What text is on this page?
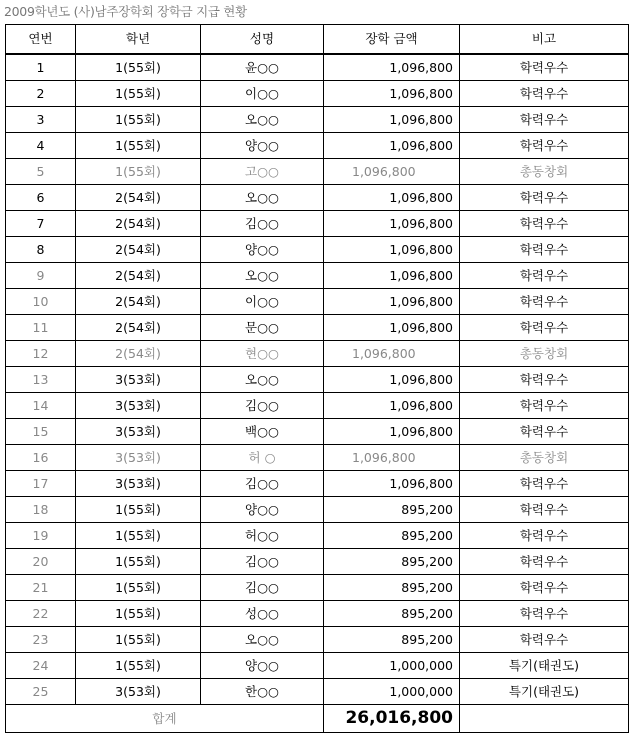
2009학년도 (사)남주장학회 장학금 지급 현황
연번	학년	성명	장학 금액	비고
1	1(55회)	윤○○	1,096,800	학력우수
2	1(55회)	이○○	1,096,800	학력우수
3	1(55회)	오○○	1,096,800	학력우수
4	1(55회)	양○○	1,096,800	학력우수
5	1(55회)	고○○	1,096,800	총동창회
6	2(54회)	오○○	1,096,800	학력우수
7	2(54회)	김○○	1,096,800	학력우수
8	2(54회)	양○○	1,096,800	학력우수
9	2(54회)	오○○	1,096,800	학력우수
10	2(54회)	이○○	1,096,800	학력우수
11	2(54회)	문○○	1,096,800	학력우수
12	2(54회)	현○○	1,096,800	총동창회
13	3(53회)	오○○	1,096,800	학력우수
14	3(53회)	김○○	1,096,800	학력우수
15	3(53회)	백○○	1,096,800	학력우수
16	3(53회)	허 ○	1,096,800	총동창회
17	3(53회)	김○○	1,096,800	학력우수
18	1(55회)	양○○	895,200	학력우수
19	1(55회)	허○○	895,200	학력우수
20	1(55회)	김○○	895,200	학력우수
21	1(55회)	김○○	895,200	학력우수
22	1(55회)	성○○	895,200	학력우수
23	1(55회)	오○○	895,200	학력우수
24	1(55회)	양○○	1,000,000	특기(태권도)
25	3(53회)	한○○	1,000,000	특기(태권도)
합계			26,016,800	
